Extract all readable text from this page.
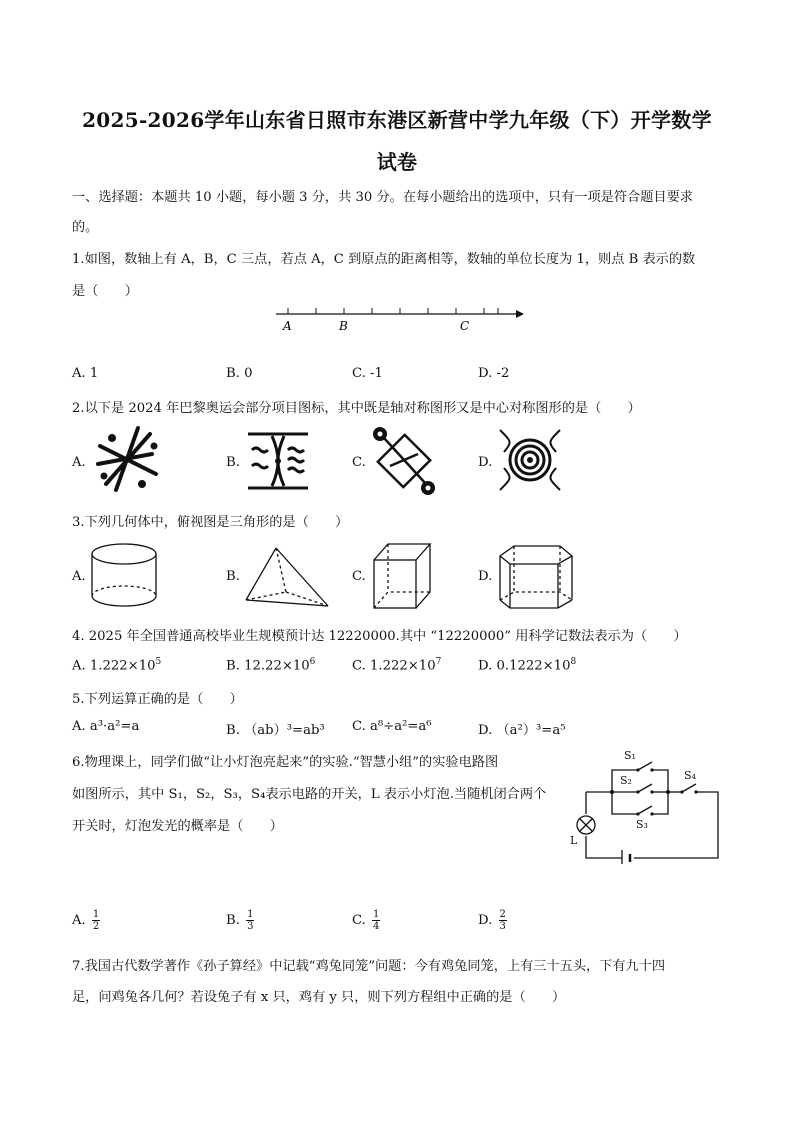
2025-2026学年山东省日照市东港区新营中学九年级（下）开学数学
试卷
一、选择题：本题共 10 小题，每小题 3 分，共 30 分。在每小题给出的选项中，只有一项是符合题目要求
的。
1.如图，数轴上有 A，B，C 三点，若点 A，C 到原点的距离相等，数轴的单位长度为 1，则点 B 表示的数
是（　　）
A	B	C
A. 1	B. 0	C. -1	D. -2
2.以下是 2024 年巴黎奥运会部分项目图标，其中既是轴对称图形又是中心对称图形的是（　　）
A.	B.	C.	D.
3.下列几何体中，俯视图是三角形的是（　　）
A.	B.	C.	D.
4. 2025 年全国普通高校毕业生规模预计达 12220000.其中 “12220000” 用科学记数法表示为（　　）
A. $1.222\times 10^5$	B. $12.22\times 10^6$	C. $1.222\times 10^7$	D. $0.1222\times 10^8$
5.下列运算正确的是（　　）
A. a³·a²=a	B. （ab）³=ab³ C. a⁸÷a²=a⁶	D. （a²）³=a⁵
6.物理课上，同学们做“让小灯泡亮起来”的实验.“智慧小组”的实验电路图
如图所示，其中 S₁，S₂，S₃，S₄表示电路的开关，L 表示小灯泡.当随机闭合两个
开关时，灯泡发光的概率是（　　）
S₁
S₂
S₃
S₄
L
A. $\frac{1}{2}$	B. $\frac{1}{3}$	C. $\frac{1}{4}$	D. $\frac{2}{3}$
7.我国古代数学著作《孙子算经》中记载“鸡兔同笼”问题：今有鸡兔同笼，上有三十五头，下有九十四
足，问鸡兔各几何？若设兔子有 x 只，鸡有 y 只，则下列方程组中正确的是（　　）
